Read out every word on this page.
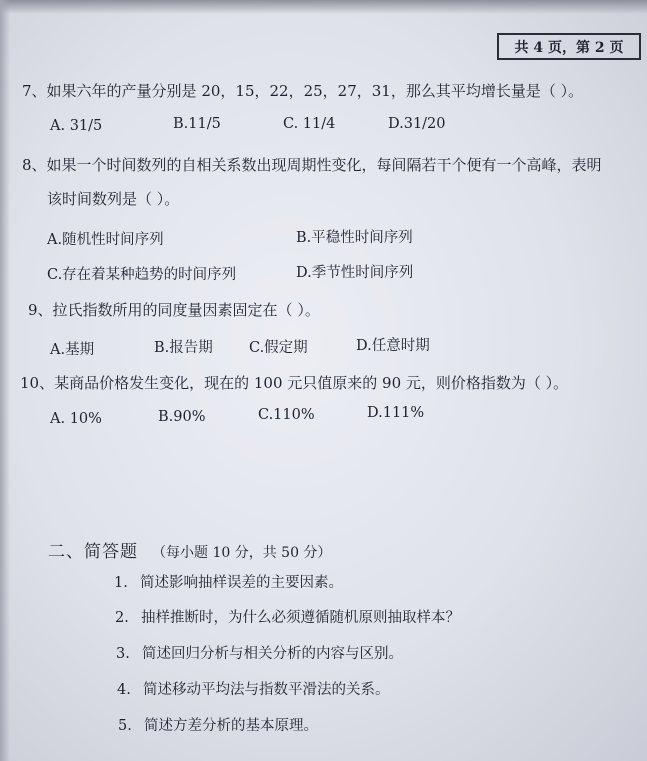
共 4 页，第 2 页
7、如果六年的产量分别是 20，15，22，25，27，31，那么其平均增长量是（ ）。
A. 31/5	B.11/5	C. 11/4	D.31/20
8、如果一个时间数列的自相关系数出现周期性变化，每间隔若干个便有一个高峰，表明
该时间数列是（ ）。
A.随机性时间序列	B.平稳性时间序列
C.存在着某种趋势的时间序列	D.季节性时间序列
9、拉氏指数所用的同度量因素固定在（ ）。
A.基期	B.报告期 C.假定期	D.任意时期
10、某商品价格发生变化，现在的 100 元只值原来的 90 元，则价格指数为（ ）。
A. 10%	B.90%	C.110%	D.111%
二、简答题 （每小题 10 分，共 50 分）
1. 简述影响抽样误差的主要因素。
2. 抽样推断时，为什么必须遵循随机原则抽取样本？
3. 简述回归分析与相关分析的内容与区别。
4. 简述移动平均法与指数平滑法的关系。
5. 简述方差分析的基本原理。
